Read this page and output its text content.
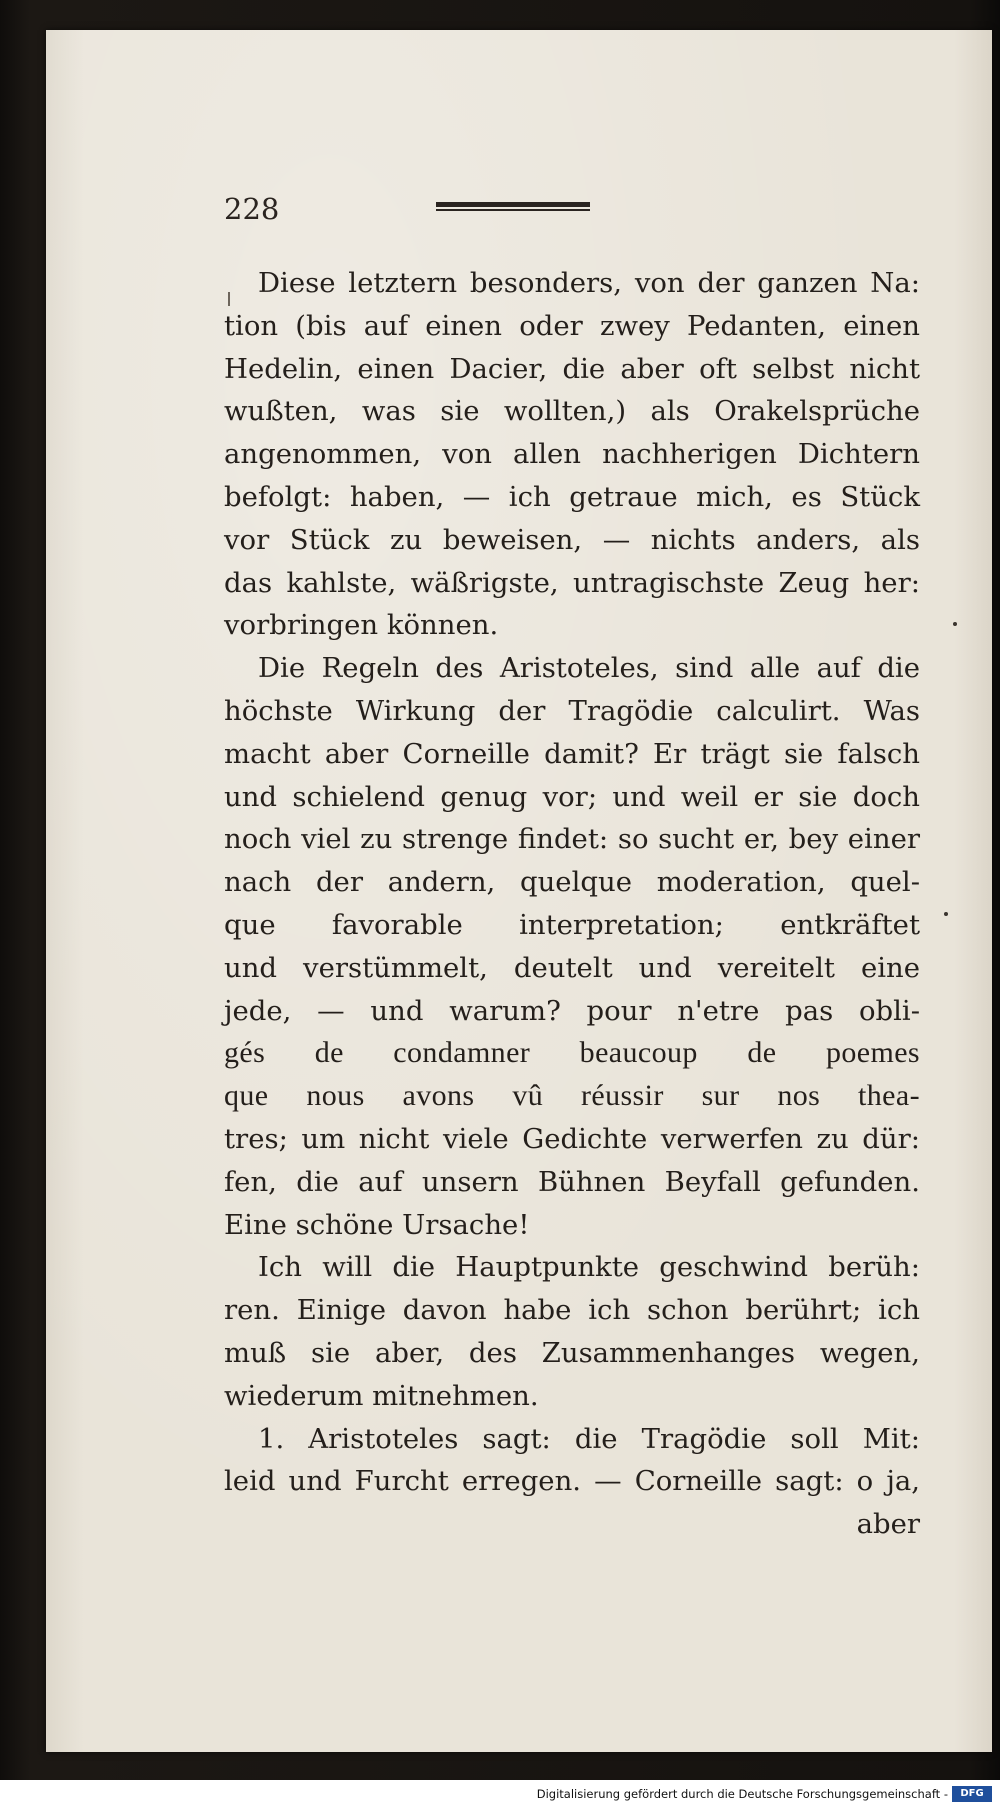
228
Diese letztern besonders, von der ganzen Na:
tion (bis auf einen oder zwey Pedanten, einen
Hedelin, einen Dacier, die aber oft selbst nicht
wußten, was sie wollten,) als Orakelsprüche
angenommen, von allen nachherigen Dichtern
befolgt: haben, — ich getraue mich, es Stück
vor Stück zu beweisen, — nichts anders, als
das kahlste, wäßrigste, untragischste Zeug her:
vorbringen können.
Die Regeln des Aristoteles, sind alle auf die
höchste Wirkung der Tragödie calculirt. Was
macht aber Corneille damit? Er trägt sie falsch
und schielend genug vor; und weil er sie doch
noch viel zu strenge findet: so sucht er, bey einer
nach der andern, quelque moderation, quel-
que favorable interpretation; entkräftet
und verstümmelt, deutelt und vereitelt eine
jede, — und warum? pour n'etre pas obli-
gés de condamner beaucoup de poemes
que nous avons vû réussir sur nos thea-
tres; um nicht viele Gedichte verwerfen zu dür:
fen, die auf unsern Bühnen Beyfall gefunden.
Eine schöne Ursache!
Ich will die Hauptpunkte geschwind berüh:
ren. Einige davon habe ich schon berührt; ich
muß sie aber, des Zusammenhanges wegen,
wiederum mitnehmen.
1. Aristoteles sagt: die Tragödie soll Mit:
leid und Furcht erregen. — Corneille sagt: o ja,
aber
Digitalisierung gefördert durch die Deutsche Forschungsgemeinschaft -	DFG
